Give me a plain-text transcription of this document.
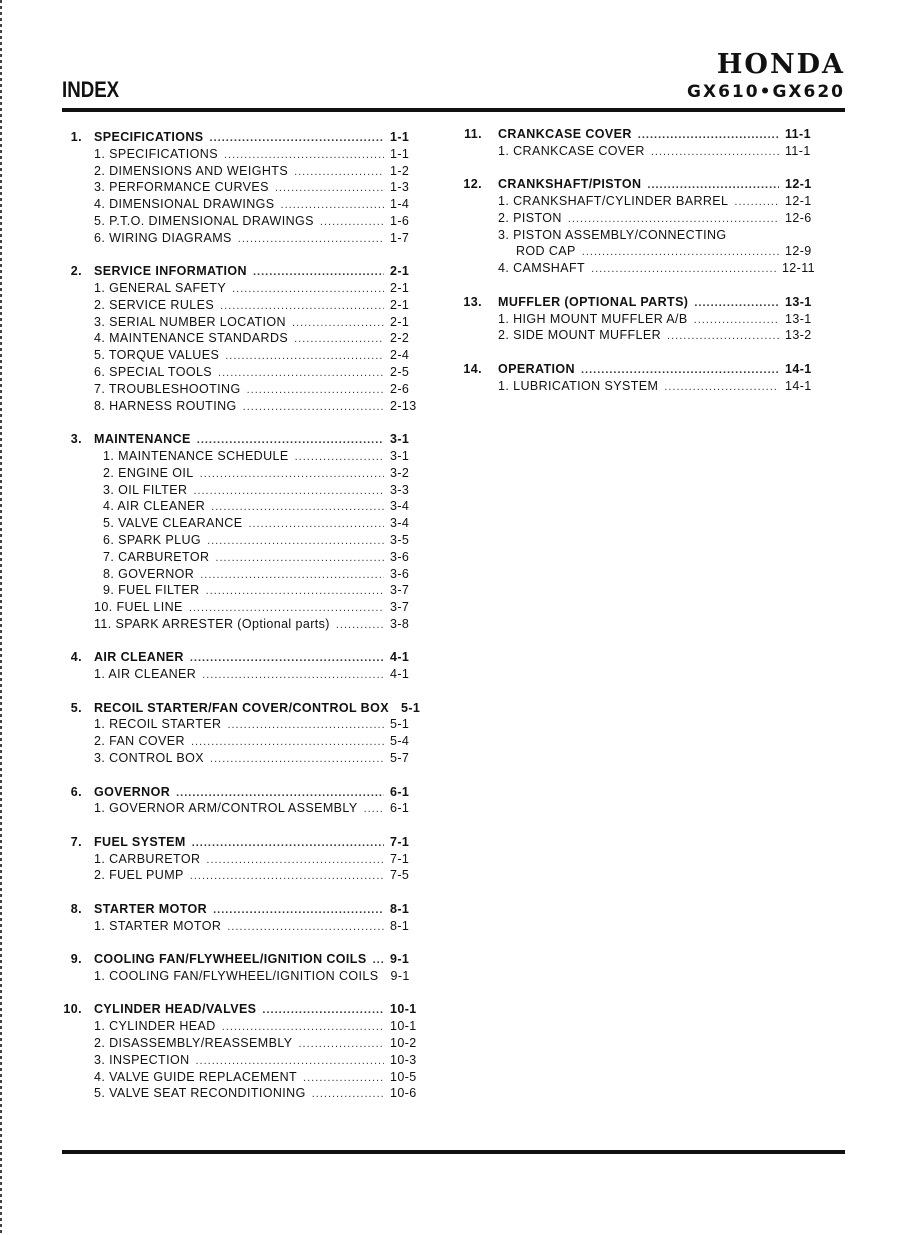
HONDA
GX610•GX620
INDEX
1. SPECIFICATIONS .....	1-1
1. SPECIFICATIONS .....	1-1
2. DIMENSIONS AND WEIGHTS .....	1-2
3. PERFORMANCE CURVES .....	1-3
4. DIMENSIONAL DRAWINGS .....	1-4
5. P.T.O. DIMENSIONAL DRAWINGS .....	1-6
6. WIRING DIAGRAMS .....	1-7
2. SERVICE INFORMATION .....	2-1
1. GENERAL SAFETY .....	2-1
2. SERVICE RULES .....	2-1
3. SERIAL NUMBER LOCATION .....	2-1
4. MAINTENANCE STANDARDS .....	2-2
5. TORQUE VALUES .....	2-4
6. SPECIAL TOOLS .....	2-5
7. TROUBLESHOOTING .....	2-6
8. HARNESS ROUTING .....	2-13
3. MAINTENANCE .....	3-1
1. MAINTENANCE SCHEDULE .....	3-1
2. ENGINE OIL .....	3-2
3. OIL FILTER .....	3-3
4. AIR CLEANER .....	3-4
5. VALVE CLEARANCE .....	3-4
6. SPARK PLUG .....	3-5
7. CARBURETOR .....	3-6
8. GOVERNOR .....	3-6
9. FUEL FILTER .....	3-7
10. FUEL LINE .....	3-7
11. SPARK ARRESTER (Optional parts) .....	3-8
4. AIR CLEANER .....	4-1
1. AIR CLEANER .....	4-1
5. RECOIL STARTER/FAN COVER/CONTROL BOX 5-1
1. RECOIL STARTER .....	5-1
2. FAN COVER .....	5-4
3. CONTROL BOX .....	5-7
6. GOVERNOR .....	6-1
1. GOVERNOR ARM/CONTROL ASSEMBLY .....	6-1
7. FUEL SYSTEM .....	7-1
1. CARBURETOR .....	7-1
2. FUEL PUMP .....	7-5
8. STARTER MOTOR .....	8-1
1. STARTER MOTOR .....	8-1
9. COOLING FAN/FLYWHEEL/IGNITION COILS ..... 9-1
1. COOLING FAN/FLYWHEEL/IGNITION COILS 9-1
10. CYLINDER HEAD/VALVES .....	10-1
1. CYLINDER HEAD .....	10-1
2. DISASSEMBLY/REASSEMBLY .....	10-2
3. INSPECTION .....	10-3
4. VALVE GUIDE REPLACEMENT .....	10-5
5. VALVE SEAT RECONDITIONING .....	10-6
11. CRANKCASE COVER .....	11-1
1. CRANKCASE COVER .....	11-1
12. CRANKSHAFT/PISTON .....	12-1
1. CRANKSHAFT/CYLINDER BARREL .....	12-1
2. PISTON .....	12-6
3. PISTON ASSEMBLY/CONNECTING
ROD CAP .....	12-9
4. CAMSHAFT .....	12-11
13. MUFFLER (OPTIONAL PARTS) .....	13-1
1. HIGH MOUNT MUFFLER A/B .....	13-1
2. SIDE MOUNT MUFFLER .....	13-2
14. OPERATION .....	14-1
1. LUBRICATION SYSTEM .....	14-1
